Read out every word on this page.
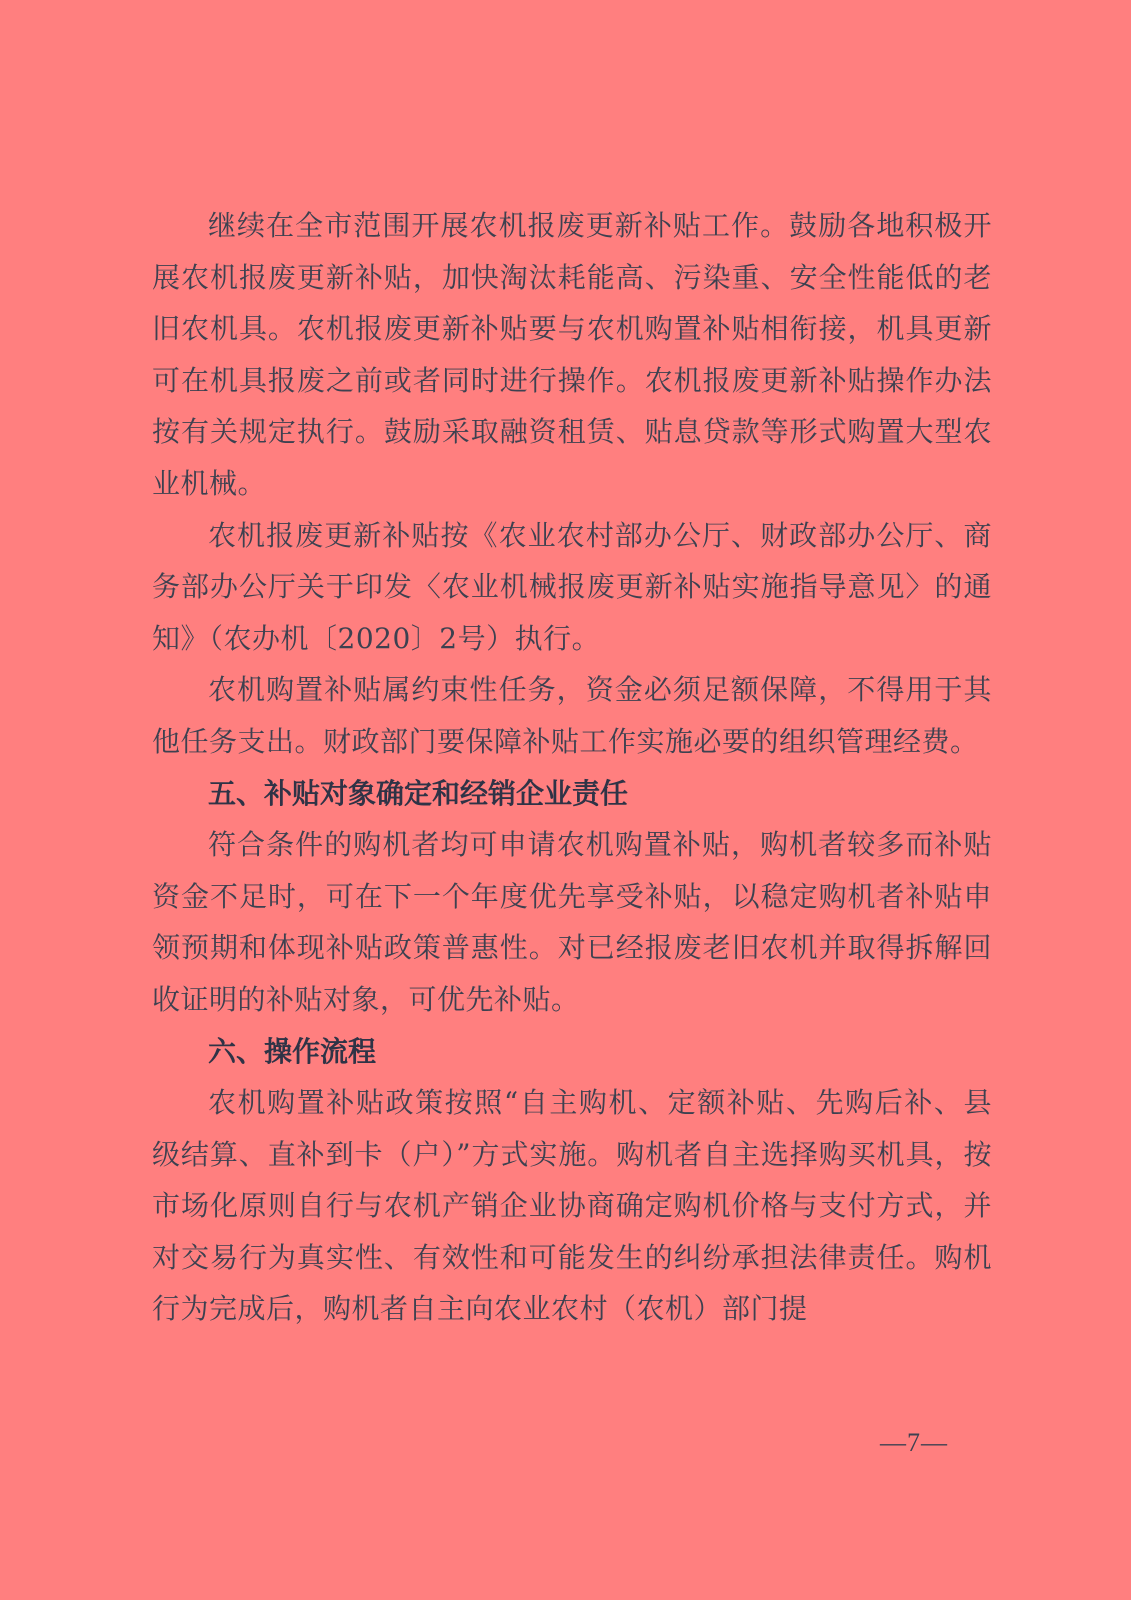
继续在全市范围开展农机报废更新补贴工作。鼓励各地积极开展农机报废更新补贴，加快淘汰耗能高、污染重、安全性能低的老旧农机具。农机报废更新补贴要与农机购置补贴相衔接，机具更新可在机具报废之前或者同时进行操作。农机报废更新补贴操作办法按有关规定执行。鼓励采取融资租赁、贴息贷款等形式购置大型农业机械。

农机报废更新补贴按《农业农村部办公厅、财政部办公厅、商务部办公厅关于印发〈农业机械报废更新补贴实施指导意见〉的通知》（农办机〔2020〕2号）执行。

农机购置补贴属约束性任务，资金必须足额保障，不得用于其他任务支出。财政部门要保障补贴工作实施必要的组织管理经费。

五、补贴对象确定和经销企业责任

符合条件的购机者均可申请农机购置补贴，购机者较多而补贴资金不足时，可在下一个年度优先享受补贴，以稳定购机者补贴申领预期和体现补贴政策普惠性。对已经报废老旧农机并取得拆解回收证明的补贴对象，可优先补贴。

六、操作流程

农机购置补贴政策按照“自主购机、定额补贴、先购后补、县级结算、直补到卡（户）”方式实施。购机者自主选择购买机具，按市场化原则自行与农机产销企业协商确定购机价格与支付方式，并对交易行为真实性、有效性和可能发生的纠纷承担法律责任。购机行为完成后，购机者自主向农业农村（农机）部门提

—7—
